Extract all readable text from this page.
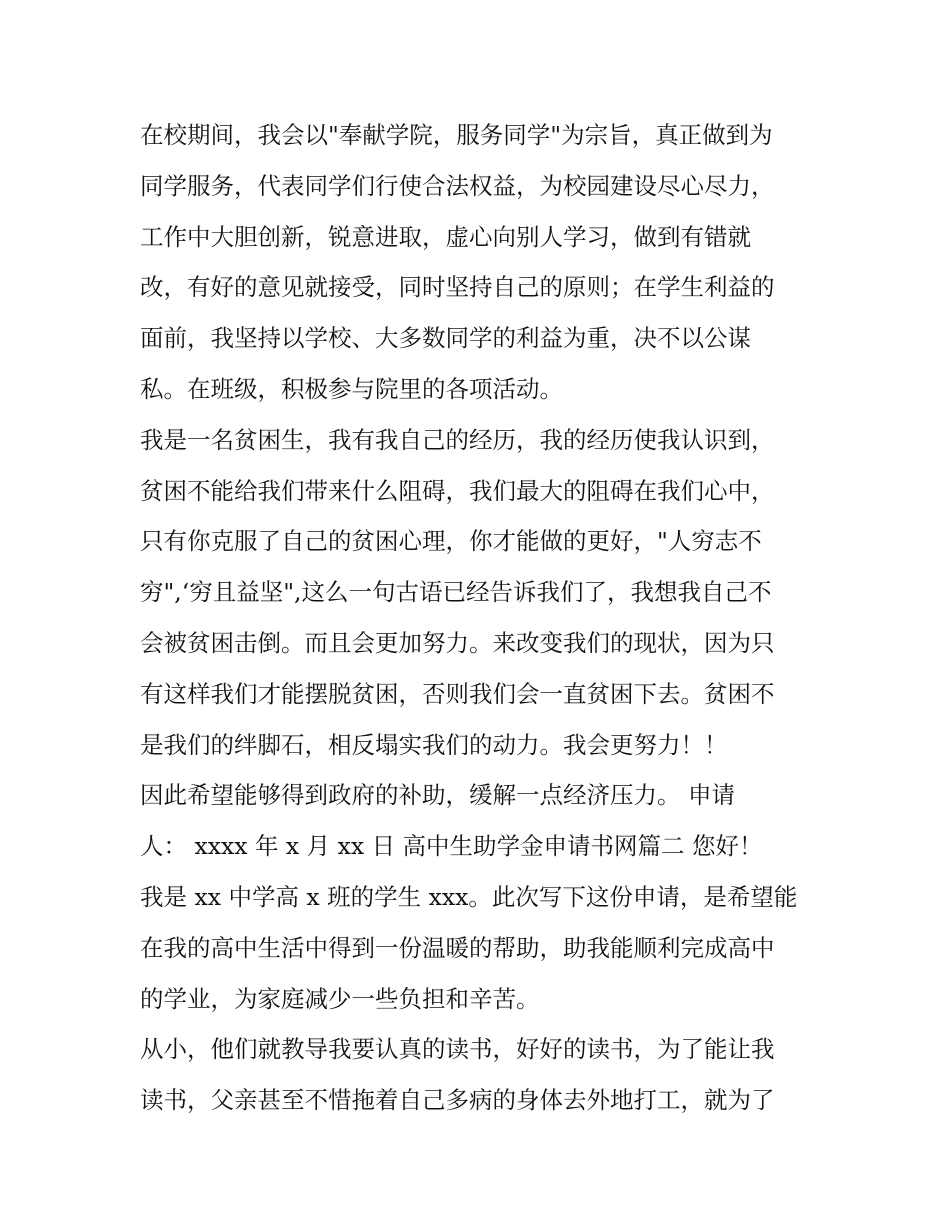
在校期间，我会以"奉献学院，服务同学"为宗旨，真正做到为
同学服务，代表同学们行使合法权益，为校园建设尽心尽力，
工作中大胆创新，锐意进取，虚心向别人学习，做到有错就
改，有好的意见就接受，同时坚持自己的原则；在学生利益的
面前，我坚持以学校、大多数同学的利益为重，决不以公谋
私。在班级，积极参与院里的各项活动。
我是一名贫困生，我有我自己的经历，我的经历使我认识到，
贫困不能给我们带来什么阻碍，我们最大的阻碍在我们心中，
只有你克服了自己的贫困心理，你才能做的更好，"人穷志不
穷",‘穷且益坚",这么一句古语已经告诉我们了，我想我自己不
会被贫困击倒。而且会更加努力。来改变我们的现状，因为只
有这样我们才能摆脱贫困，否则我们会一直贫困下去。贫困不
是我们的绊脚石，相反塌实我们的动力。我会更努力！！
因此希望能够得到政府的补助，缓解一点经济压力。 申请
人： xxxx 年 x 月 xx 日 高中生助学金申请书网篇二 您好！
我是 xx 中学高 x 班的学生 xxx。此次写下这份申请，是希望能
在我的高中生活中得到一份温暖的帮助，助我能顺利完成高中
的学业，为家庭减少一些负担和辛苦。
从小，他们就教导我要认真的读书，好好的读书，为了能让我
读书，父亲甚至不惜拖着自己多病的身体去外地打工，就为了
